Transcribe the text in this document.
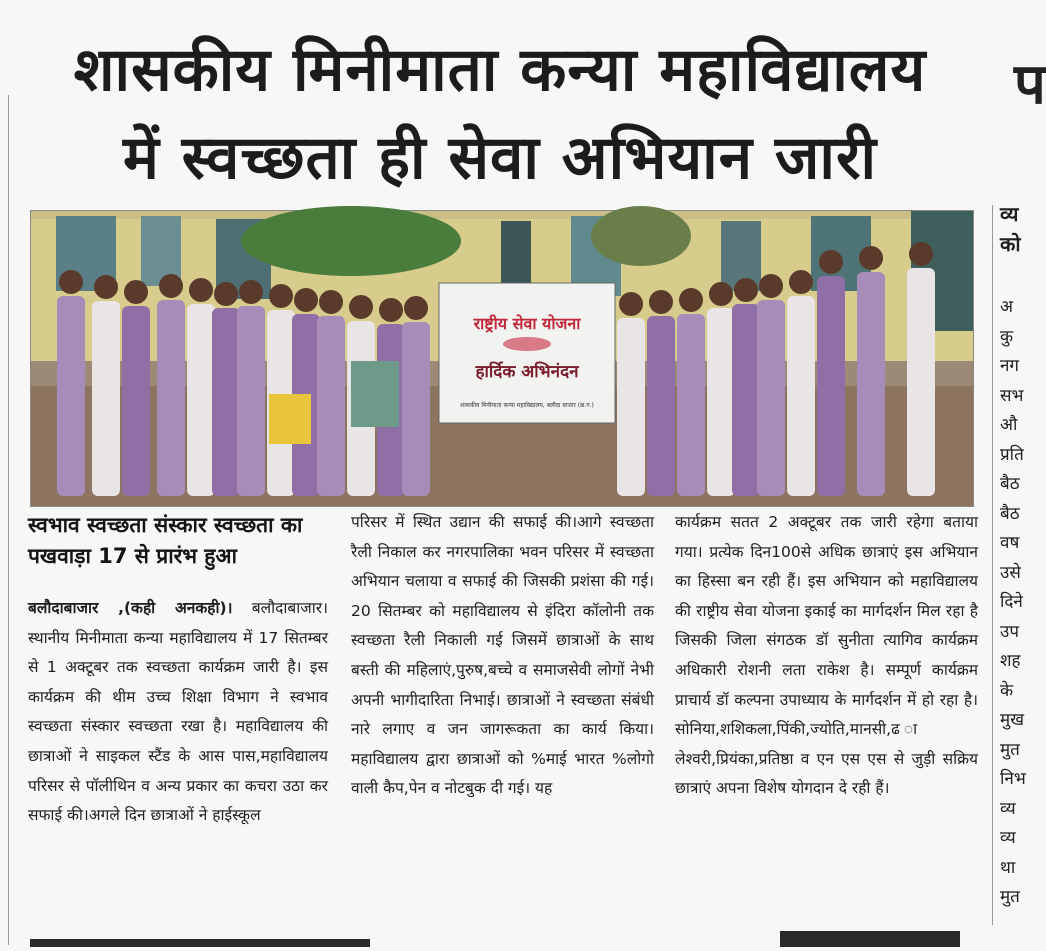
शासकीय मिनीमाता कन्या महाविद्यालय
में स्वच्छता ही सेवा अभियान जारी
प
राष्ट्रीय सेवा योजना
हार्दिक अभिनंदन
शासकीय मिनीमाता कन्या महाविद्यालय, बलौदा बाजार (छ.ग.)
स्वभाव स्वच्छता संस्कार स्वच्छता का पखवाड़ा 17 से प्रारंभ हुआ
बलौदाबाजार ,(कही अनकही)। बलौदाबाजार। स्थानीय मिनीमाता कन्या महाविद्यालय में 17 सितम्बर से 1 अक्टूबर तक स्वच्छता कार्यक्रम जारी है। इस कार्यक्रम की थीम उच्च शिक्षा विभाग ने स्वभाव स्वच्छता संस्कार स्वच्छता रखा है। महाविद्यालय की छात्राओं ने साइकल स्टैंड के आस पास,महाविद्यालय परिसर से पॉलीथिन व अन्य प्रकार का कचरा उठा कर सफाई की।अगले दिन छात्राओं ने हाईस्कूल
परिसर में स्थित उद्यान की सफाई की।आगे स्वच्छता रैली निकाल कर नगरपालिका भवन परिसर में स्वच्छता अभियान चलाया व सफाई की जिसकी प्रशंसा की गई। 20 सितम्बर को महाविद्यालय से इंदिरा कॉलोनी तक स्वच्छता रैली निकाली गई जिसमें छात्राओं के साथ बस्ती की महिलाएं,पुरुष,बच्चे व समाजसेवी लोगों नेभी अपनी भागीदारिता निभाई। छात्राओं ने स्वच्छता संबंधी नारे लगाए व जन जागरूकता का कार्य किया। महाविद्यालय द्वारा छात्राओं को %माई भारत %लोगो वाली कैप,पेन व नोटबुक दी गई। यह
कार्यक्रम सतत 2 अक्टूबर तक जारी रहेगा बताया गया। प्रत्येक दिन100से अधिक छात्राएं इस अभियान का हिस्सा बन रही हैं। इस अभियान को महाविद्यालय की राष्ट्रीय सेवा योजना इकाई का मार्गदर्शन मिल रहा है जिसकी जिला संगठक डॉ सुनीता त्यागिव कार्यक्रम अधिकारी रोशनी लता राकेश है। सम्पूर्ण कार्यक्रम प्राचार्य डॉ कल्पना उपाध्याय के मार्गदर्शन में हो रहा है। सोनिया,शशिकला,पिंकी,ज्योति,मानसी,ढ ा लेश्वरी,प्रियंका,प्रतिष्ठा व एन एस एस से जुड़ी सक्रिय छात्राएं अपना विशेष योगदान दे रही हैं।
व्य
को
अ
कु
नग
सभ
औ
प्रति
बैठ
बैठ
वष
उसे
दिने
उप
शह
के
मुख
मुत
निभ
व्य
व्य
था
मुत
